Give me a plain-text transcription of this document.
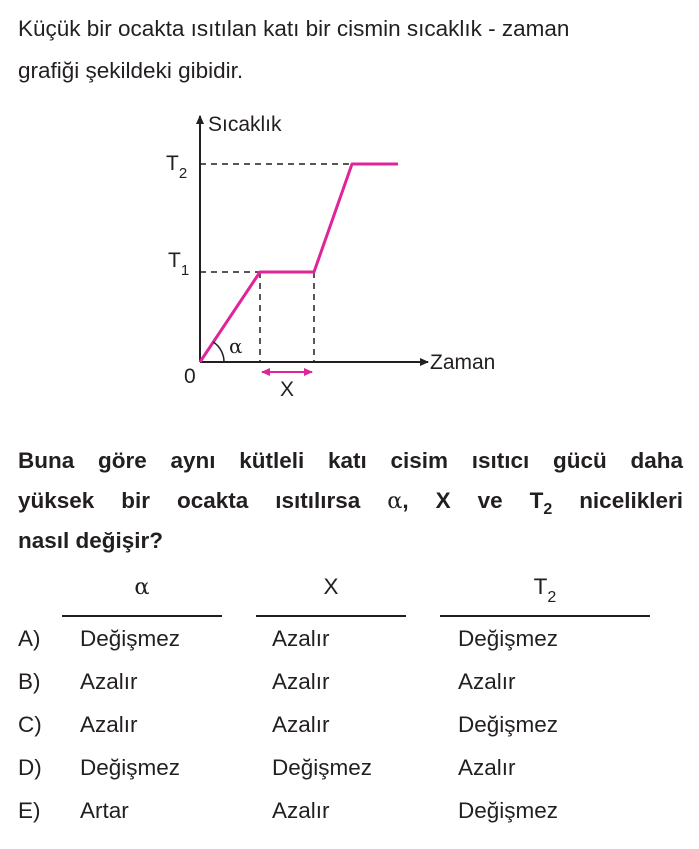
Küçük bir ocakta ısıtılan katı bir cismin sıcaklık - zaman
grafiği şekildeki gibidir.

Sıcaklık
Zaman
0
$T_2$
$T_1$
α
X

Buna göre aynı kütleli katı cisim ısıtıcı gücü daha
yüksek bir ocakta ısıtılırsa α, X ve $T_2$ nicelikleri
nasıl değişir?

α	X	$T_2$
A) Değişmez	Azalır	Değişmez
B) Azalır	Azalır	Azalır
C) Azalır	Azalır	Değişmez
D) Değişmez	Değişmez	Azalır
E) Artar	Azalır	Değişmez
